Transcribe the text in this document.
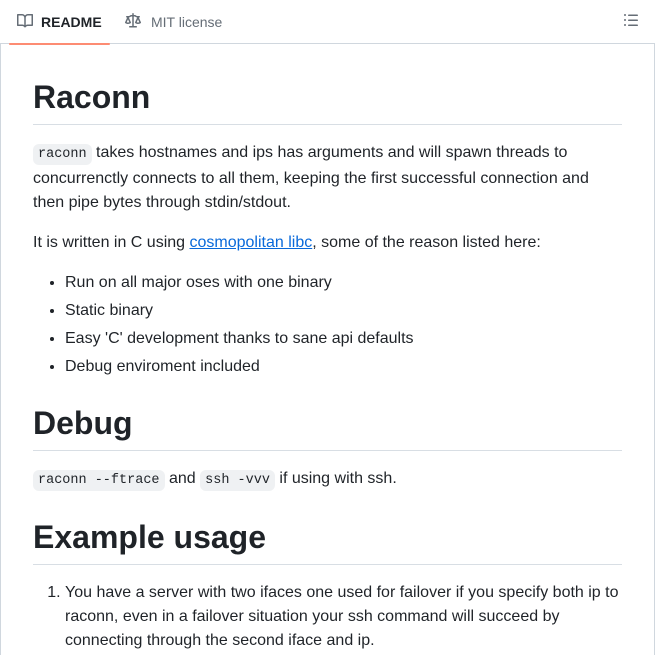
README	MIT license
Raconn

raconn takes hostnames and ips has arguments and will spawn threads to concurrenctly connects to all them, keeping the first successful connection and then pipe bytes through stdin/stdout.

It is written in C using cosmopolitan libc, some of the reason listed here:

• Run on all major oses with one binary
• Static binary
• Easy 'C' development thanks to sane api defaults
• Debug enviroment included
Debug

raconn --ftrace and ssh -vvv if using with ssh.

Example usage
1. You have a server with two ifaces one used for failover if you specify both ip to raconn, even in a failover situation your ssh command will succeed by connecting through the second iface and ip.
